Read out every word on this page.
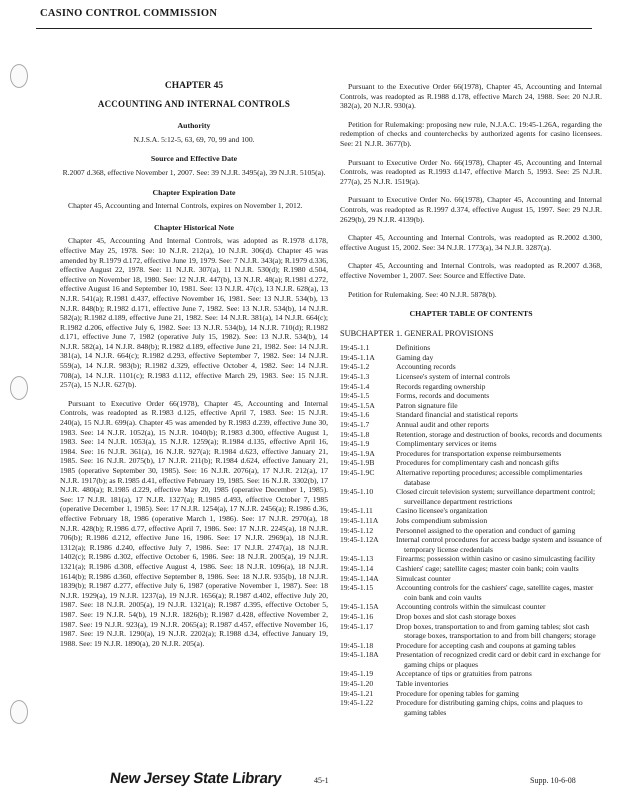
CASINO CONTROL COMMISSION
CHAPTER 45
ACCOUNTING AND INTERNAL CONTROLS
Authority
N.J.S.A. 5:12-5, 63, 69, 70, 99 and 100.
Source and Effective Date
R.2007 d.368, effective November 1, 2007. See: 39 N.J.R. 3495(a), 39 N.J.R. 5105(a).
Chapter Expiration Date
Chapter 45, Accounting and Internal Controls, expires on November 1, 2012.
Chapter Historical Note
Chapter 45, Accounting And Internal Controls, was adopted as R.1978 d.178, effective May 25, 1978. See: 10 N.J.R. 212(a), 10 N.J.R. 306(d). Chapter 45 was amended by R.1979 d.172, effective June 19, 1979. See: 7 N.J.R. 343(a); R.1979 d.336, effective August 22, 1978. See: 11 N.J.R. 307(a), 11 N.J.R. 530(d); R.1980 d.504, effective on November 18, 1980. See: 12 N.J.R. 447(b), 13 N.J.R. 48(a); R.1981 d.272, effective August 16 and September 10, 1981. See: 13 N.J.R. 47(c), 13 N.J.R. 628(a), 13 N.J.R. 541(a); R.1981 d.437, effective November 16, 1981. See: 13 N.J.R. 534(b), 13 N.J.R. 848(b); R.1982 d.171, effective June 7, 1982. See: 13 N.J.R. 534(b), 14 N.J.R. 582(a); R.1982 d.189, effective June 21, 1982. See: 14 N.J.R. 381(a), 14 N.J.R. 664(c); R.1982 d.206, effective July 6, 1982. See: 13 N.J.R. 534(b), 14 N.J.R. 710(d); R.1982 d.171, effective June 7, 1982 (operative July 15, 1982). See: 13 N.J.R. 534(b), 14 N.J.R. 582(a), 14 N.J.R. 848(b); R.1982 d.189, effective June 21, 1982. See: 14 N.J.R. 381(a), 14 N.J.R. 664(c); R.1982 d.293, effective September 7, 1982. See: 14 N.J.R. 559(a), 14 N.J.R. 983(b); R.1982 d.329, effective October 4, 1982. See: 14 N.J.R. 708(a), 14 N.J.R. 1101(c); R.1983 d.112, effective March 29, 1983. See: 15 N.J.R. 257(a), 15 N.J.R. 627(b).
Pursuant to Executive Order 66(1978), Chapter 45, Accounting and Internal Controls, was readopted as R.1983 d.125, effective April 7, 1983. See: 15 N.J.R. 240(a), 15 N.J.R. 699(a). Chapter 45 was amended by R.1983 d.239, effective June 30, 1983. See: 14 N.J.R. 1052(a), 15 N.J.R. 1040(b); R.1983 d.300, effective August 1, 1983. See: 14 N.J.R. 1053(a), 15 N.J.R. 1259(a); R.1984 d.135, effective April 16, 1984. See: 16 N.J.R. 361(a), 16 N.J.R. 927(a); R.1984 d.623, effective January 21, 1985. See: 16 N.J.R. 2075(b), 17 N.J.R. 211(b); R.1984 d.624, effective January 21, 1985 (operative September 30, 1985). See: 16 N.J.R. 2076(a), 17 N.J.R. 212(a), 17 N.J.R. 1917(b); as R.1985 d.41, effective February 19, 1985. See: 16 N.J.R. 3302(b), 17 N.J.R. 480(a); R.1985 d.229, effective May 20, 1985 (operative December 1, 1985). See: 17 N.J.R. 181(a), 17 N.J.R. 1327(a); R.1985 d.493, effective October 7, 1985 (operative December 1, 1985). See: 17 N.J.R. 1254(a), 17 N.J.R. 2456(a); R.1986 d.36, effective February 18, 1986 (operative March 1, 1986). See: 17 N.J.R. 2970(a), 18 N.J.R. 428(b); R.1986 d.77, effective April 7, 1986. See: 17 N.J.R. 2245(a), 18 N.J.R. 706(b); R.1986 d.212, effective June 16, 1986. See: 17 N.J.R. 2969(a), 18 N.J.R. 1312(a); R.1986 d.240, effective July 7, 1986. See: 17 N.J.R. 2747(a), 18 N.J.R. 1402(c); R.1986 d.302, effective October 6, 1986. See: 18 N.J.R. 2005(a), 19 N.J.R. 1321(a); R.1986 d.308, effective August 4, 1986. See: 18 N.J.R. 1096(a), 18 N.J.R. 1614(b); R.1986 d.360, effective September 8, 1986. See: 18 N.J.R. 935(b), 18 N.J.R. 1839(b); R.1987 d.277, effective July 6, 1987 (operative November 1, 1987). See: 18 N.J.R. 1929(a), 19 N.J.R. 1237(a), 19 N.J.R. 1656(a); R.1987 d.402, effective July 20, 1987. See: 18 N.J.R. 2005(a), 19 N.J.R. 1321(a); R.1987 d.395, effective October 5, 1987. See: 19 N.J.R. 54(b), 19 N.J.R. 1826(b); R.1987 d.428, effective November 2, 1987. See: 19 N.J.R. 923(a), 19 N.J.R. 2065(a); R.1987 d.457, effective November 16, 1987. See: 19 N.J.R. 1290(a), 19 N.J.R. 2202(a); R.1988 d.34, effective January 19, 1988. See: 19 N.J.R. 1890(a), 20 N.J.R. 205(a).
Pursuant to the Executive Order 66(1978), Chapter 45, Accounting and Internal Controls, was readopted as R.1988 d.178, effective March 24, 1988. See: 20 N.J.R. 382(a), 20 N.J.R. 930(a).
Petition for Rulemaking: proposing new rule, N.J.A.C. 19:45-1.26A, regarding the redemption of checks and counterchecks by authorized agents for casino licensees. See: 21 N.J.R. 3677(b).
Pursuant to Executive Order No. 66(1978), Chapter 45, Accounting and Internal Controls, was readopted as R.1993 d.147, effective March 5, 1993. See: 25 N.J.R. 277(a), 25 N.J.R. 1519(a).
Pursuant to Executive Order No. 66(1978), Chapter 45, Accounting and Internal Controls, was readopted as R.1997 d.374, effective August 15, 1997. See: 29 N.J.R. 2629(b), 29 N.J.R. 4139(b).
Chapter 45, Accounting and Internal Controls, was readopted as R.2002 d.300, effective August 15, 2002. See: 34 N.J.R. 1773(a), 34 N.J.R. 3287(a).
Chapter 45, Accounting and Internal Controls, was readopted as R.2007 d.368, effective November 1, 2007. See: Source and Effective Date.
Petition for Rulemaking. See: 40 N.J.R. 5878(b).
CHAPTER TABLE OF CONTENTS
SUBCHAPTER 1. GENERAL PROVISIONS
19:45-1.1	Definitions
19:45-1.1A	Gaming day
19:45-1.2	Accounting records
19:45-1.3	Licensee's system of internal controls
19:45-1.4	Records regarding ownership
19:45-1.5	Forms, records and documents
19:45-1.5A	Patron signature file
19:45-1.6	Standard financial and statistical reports
19:45-1.7	Annual audit and other reports
19:45-1.8	Retention, storage and destruction of books, records and documents
19:45-1.9	Complimentary services or items
19:45-1.9A	Procedures for transportation expense reimbursements
19:45-1.9B	Procedures for complimentary cash and noncash gifts
19:45-1.9C	Alternative reporting procedures; accessible complimentaries database
19:45-1.10	Closed circuit television system; surveillance department control; surveillance department restrictions
19:45-1.11	Casino licensee's organization
19:45-1.11A	Jobs compendium submission
19:45-1.12	Personnel assigned to the operation and conduct of gaming
19:45-1.12A	Internal control procedures for access badge system and issuance of temporary license credentials
19:45-1.13	Firearms; possession within casino or casino simulcasting facility
19:45-1.14	Cashiers' cage; satellite cages; master coin bank; coin vaults
19:45-1.14A	Simulcast counter
19:45-1.15	Accounting controls for the cashiers' cage, satellite cages, master coin bank and coin vaults
19:45-1.15A	Accounting controls within the simulcast counter
19:45-1.16	Drop boxes and slot cash storage boxes
19:45-1.17	Drop boxes, transportation to and from gaming tables; slot cash storage boxes, transportation to and from bill changers; storage
19:45-1.18	Procedure for accepting cash and coupons at gaming tables
19:45-1.18A	Presentation of recognized credit card or debit card in exchange for gaming chips or plaques
19:45-1.19	Acceptance of tips or gratuities from patrons
19:45-1.20	Table inventories
19:45-1.21	Procedure for opening tables for gaming
19:45-1.22	Procedure for distributing gaming chips, coins and plaques to gaming tables
New Jersey State Library	45-1	Supp. 10-6-08
